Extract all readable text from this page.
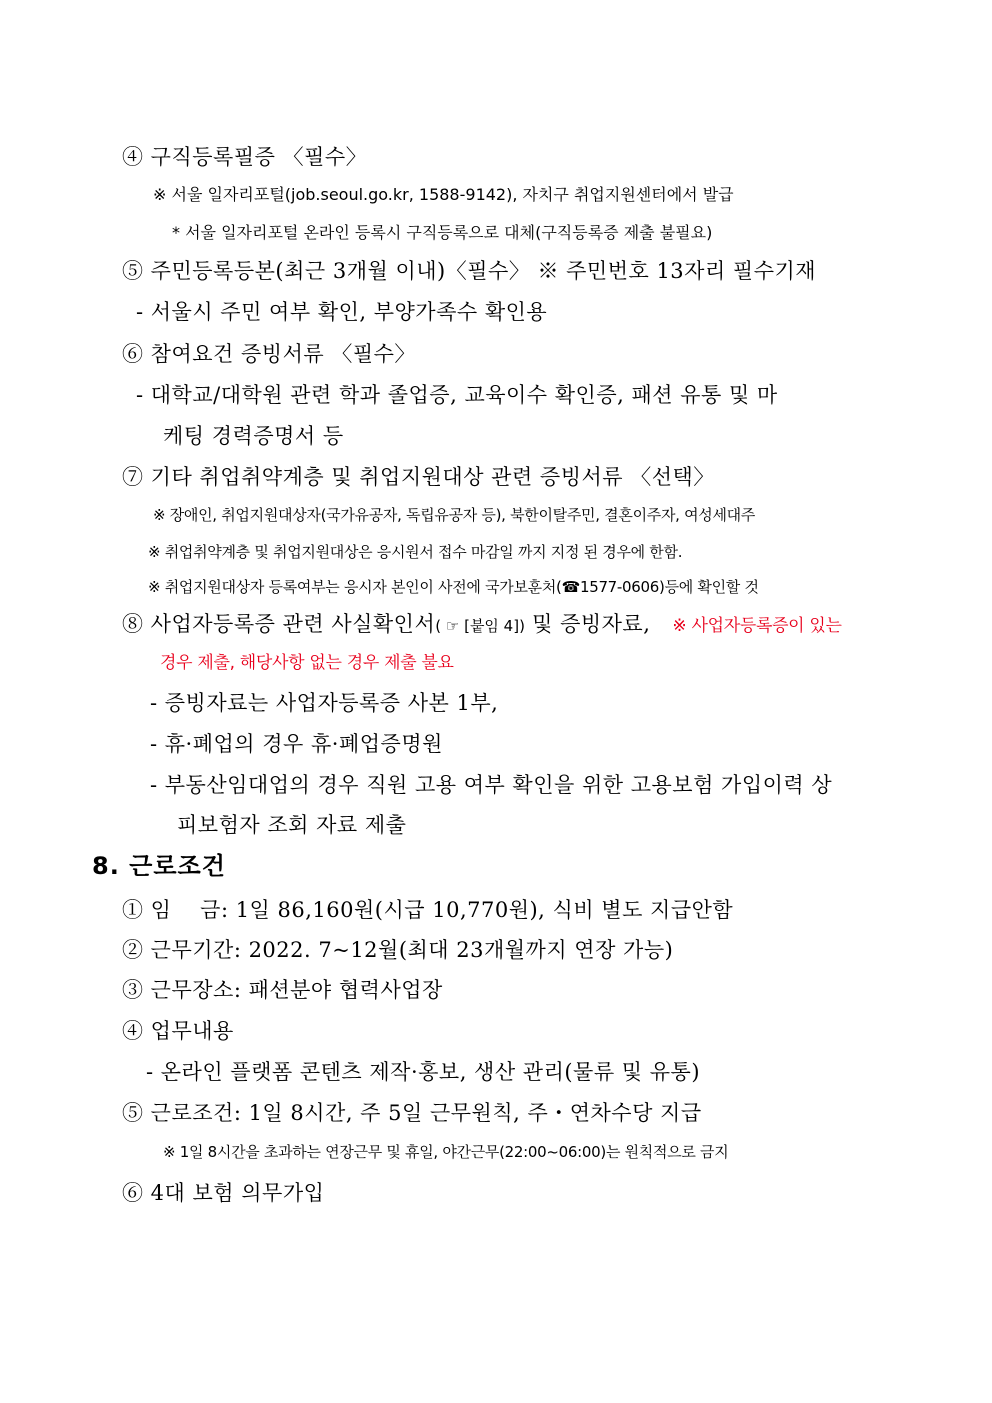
④ 구직등록필증 〈필수〉
※ 서울 일자리포털(job.seoul.go.kr, 1588-9142), 자치구 취업지원센터에서 발급
* 서울 일자리포털 온라인 등록시 구직등록으로 대체(구직등록증 제출 불필요)
⑤ 주민등록등본(최근 3개월 이내)〈필수〉 ※ 주민번호 13자리 필수기재
- 서울시 주민 여부 확인, 부양가족수 확인용
⑥ 참여요건 증빙서류 〈필수〉
- 대학교/대학원 관련 학과 졸업증, 교육이수 확인증, 패션 유통 및 마
케팅 경력증명서 등
⑦ 기타 취업취약계층 및 취업지원대상 관련 증빙서류 〈선택〉
※ 장애인, 취업지원대상자(국가유공자, 독립유공자 등), 북한이탈주민, 결혼이주자, 여성세대주
※ 취업취약계층 및 취업지원대상은 응시원서 접수 마감일 까지 지정 된 경우에 한함.
※ 취업지원대상자 등록여부는 응시자 본인이 사전에 국가보훈처(☎1577-0606)등에 확인할 것
⑧ 사업자등록증 관련 사실확인서( ☞ [붙임 4]) 및 증빙자료, ※ 사업자등록증이 있는
경우 제출, 해당사항 없는 경우 제출 불요
- 증빙자료는 사업자등록증 사본 1부,
- 휴·폐업의 경우 휴·폐업증명원
- 부동산임대업의 경우 직원 고용 여부 확인을 위한 고용보험 가입이력 상
피보험자 조회 자료 제출
8. 근로조건
① 임    금: 1일 86,160원(시급 10,770원), 식비 별도 지급안함
② 근무기간: 2022. 7~12월(최대 23개월까지 연장 가능)
③ 근무장소: 패션분야 협력사업장
④ 업무내용
- 온라인 플랫폼 콘텐츠 제작·홍보, 생산 관리(물류 및 유통)
⑤ 근로조건: 1일 8시간, 주 5일 근무원칙, 주・연차수당 지급
※ 1일 8시간을 초과하는 연장근무 및 휴일, 야간근무(22:00~06:00)는 원칙적으로 금지
⑥ 4대 보험 의무가입
